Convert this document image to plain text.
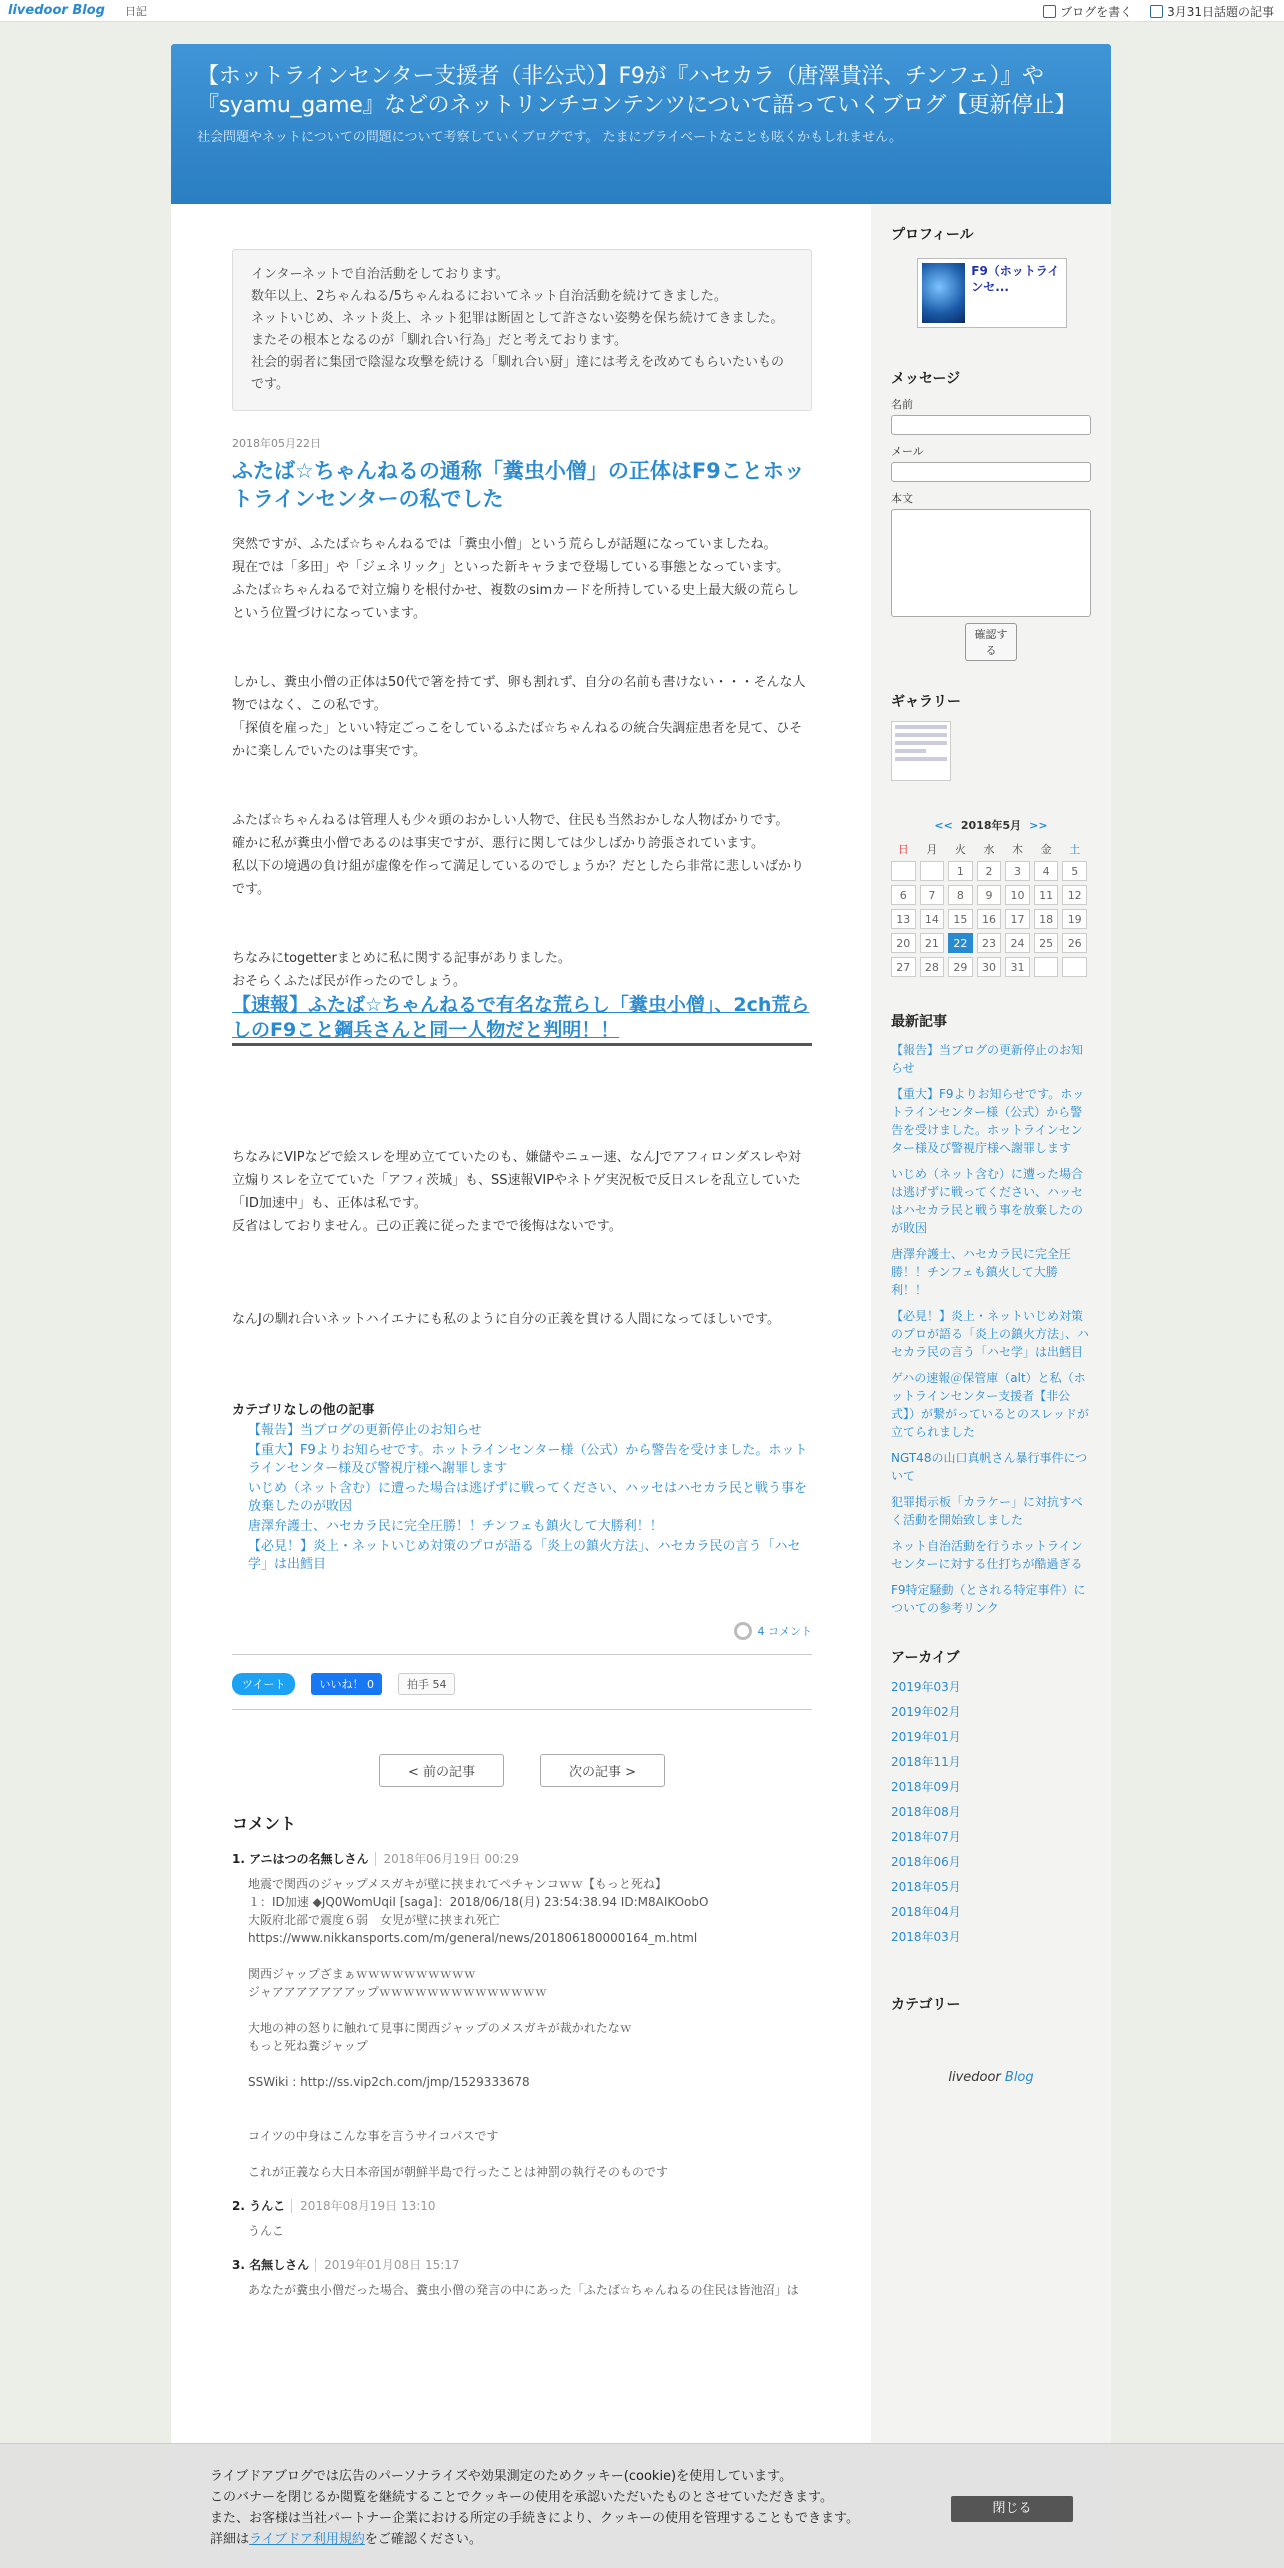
livedoor Blog 日記	ブログを書く	3月31日話題の記事
【ホットラインセンター支援者（非公式）】F9が『ハセカラ（唐澤貴洋、チンフェ）』や『syamu_game』などのネットリンチコンテンツについて語っていくブログ【更新停止】

社会問題やネットについての問題について考察していくブログです。 たまにプライベートなことも呟くかもしれません。

インターネットで自治活動をしております。
数年以上、2ちゃんねる/5ちゃんねるにおいてネット自治活動を続けてきました。
ネットいじめ、ネット炎上、ネット犯罪は断固として許さない姿勢を保ち続けてきました。
またその根本となるのが「馴れ合い行為」だと考えております。
社会的弱者に集団で陰湿な攻撃を続ける「馴れ合い厨」達には考えを改めてもらいたいものです。
2018年05月22日
ふたば☆ちゃんねるの通称「糞虫小僧」の正体はF9ことホットラインセンターの私でした

突然ですが、ふたば☆ちゃんねるでは「糞虫小僧」という荒らしが話題になっていましたね。

現在では「多田」や「ジェネリック」といった新キャラまで登場している事態となっています。

ふたば☆ちゃんねるで対立煽りを根付かせ、複数のsimカードを所持している史上最大級の荒らしという位置づけになっています。

しかし、糞虫小僧の正体は50代で箸を持てず、卵も割れず、自分の名前も書けない・・・そんな人物ではなく、この私です。

「探偵を雇った」といい特定ごっこをしているふたば☆ちゃんねるの統合失調症患者を見て、ひそかに楽しんでいたのは事実です。

ふたば☆ちゃんねるは管理人も少々頭のおかしい人物で、住民も当然おかしな人物ばかりです。

確かに私が糞虫小僧であるのは事実ですが、悪行に関しては少しばかり誇張されています。

私以下の境遇の負け組が虚像を作って満足しているのでしょうか？だとしたら非常に悲しいばかりです。

ちなみにtogetterまとめに私に関する記事がありました。

おそらくふたば民が作ったのでしょう。

【速報】ふたば☆ちゃんねるで有名な荒らし「糞虫小僧」、2ch荒らしのF9こと鋼兵さんと同一人物だと判明！！

ちなみにVIPなどで絵スレを埋め立てていたのも、嫌儲やニュー速、なんJでアフィロンダスレや対立煽りスレを立てていた「アフィ茨城」も、SS速報VIPやネトゲ実況板で反日スレを乱立していた「ID加速中」も、正体は私です。

反省はしておりません。己の正義に従ったまでで後悔はないです。

なんJの馴れ合いネットハイエナにも私のように自分の正義を貫ける人間になってほしいです。

カテゴリなしの他の記事
【報告】当ブログの更新停止のお知らせ
【重大】F9よりお知らせです。ホットラインセンター様（公式）から警告を受けました。ホットラインセンター様及び警視庁様へ謝罪します
いじめ（ネット含む）に遭った場合は逃げずに戦ってください、ハッセはハセカラ民と戦う事を放棄したのが敗因
唐澤弁護士、ハセカラ民に完全圧勝！！チンフェも鎮火して大勝利！！
【必見！】炎上・ネットいじめ対策のプロが語る「炎上の鎮火方法」、ハセカラ民の言う「ハセ学」は出鱈目
4 コメント
ツイート	いいね！ 0	拍手 54
< 前の記事	次の記事 >
コメント
1. アニはつの名無しさん 2018年06月19日 00:29
地震で関西のジャップメスガキが壁に挟まれてペチャンコｗｗ【もっと死ね】
１：ID加速 ◆JQ0WomUqiI [saga]：2018/06/18(月) 23:54:38.94 ID:M8AIKOobO
大阪府北部で震度６弱　女児が壁に挟まれ死亡
https://www.nikkansports.com/m/general/news/201806180000164_m.html

関西ジャップざまぁｗｗｗｗｗｗｗｗｗｗ
ジャアアアアアアアップｗｗｗｗｗｗｗｗｗｗｗｗｗｗ

大地の神の怒りに触れて見事に関西ジャップのメスガキが裁かれたなｗ
もっと死ね糞ジャップ

SSWiki : http://ss.vip2ch.com/jmp/1529333678

コイツの中身はこんな事を言うサイコパスです

これが正義なら大日本帝国が朝鮮半島で行ったことは神罰の執行そのものです
2. うんこ 2018年08月19日 13:10
うんこ
3. 名無しさん 2019年01月08日 15:17
あなたが糞虫小僧だった場合、糞虫小僧の発言の中にあった「ふたば☆ちゃんねるの住民は皆池沼」は
プロフィール
F9（ホットラインセ...
メッセージ
名前
メール
本文
確認する
ギャラリー
<< 2018年5月 >>
日	月	火	水	木	金	土
		1	2	3	4	5
6	7	8	9	10	11	12
13	14	15	16	17	18	19
20	21	22	23	24	25	26
27	28	29	30	31		
最新記事
【報告】当ブログの更新停止のお知らせ
【重大】F9よりお知らせです。ホットラインセンター様（公式）から警告を受けました。ホットラインセンター様及び警視庁様へ謝罪します
いじめ（ネット含む）に遭った場合は逃げずに戦ってください、ハッセはハセカラ民と戦う事を放棄したのが敗因
唐澤弁護士、ハセカラ民に完全圧勝！！チンフェも鎮火して大勝利！！
【必見！】炎上・ネットいじめ対策のプロが語る「炎上の鎮火方法」、ハセカラ民の言う「ハセ学」は出鱈目
ゲハの速報＠保管庫（alt）と私（ホットラインセンター支援者【非公式】）が繋がっているとのスレッドが立てられました
NGT48の山口真帆さん暴行事件について
犯罪掲示板「カラケー」に対抗すべく活動を開始致しました
ネット自治活動を行うホットラインセンターに対する仕打ちが酷過ぎる
F9特定騒動（とされる特定事件）についての参考リンク
アーカイブ
2019年03月
2019年02月
2019年01月
2018年11月
2018年09月
2018年08月
2018年07月
2018年06月
2018年05月
2018年04月
2018年03月
カテゴリー
livedoor Blog
ライブドアブログでは広告のパーソナライズや効果測定のためクッキー(cookie)を使用しています。
このバナーを閉じるか閲覧を継続することでクッキーの使用を承認いただいたものとさせていただきます。
また、お客様は当社パートナー企業における所定の手続きにより、クッキーの使用を管理することもできます。
詳細はライブドア利用規約をご確認ください。
閉じる
